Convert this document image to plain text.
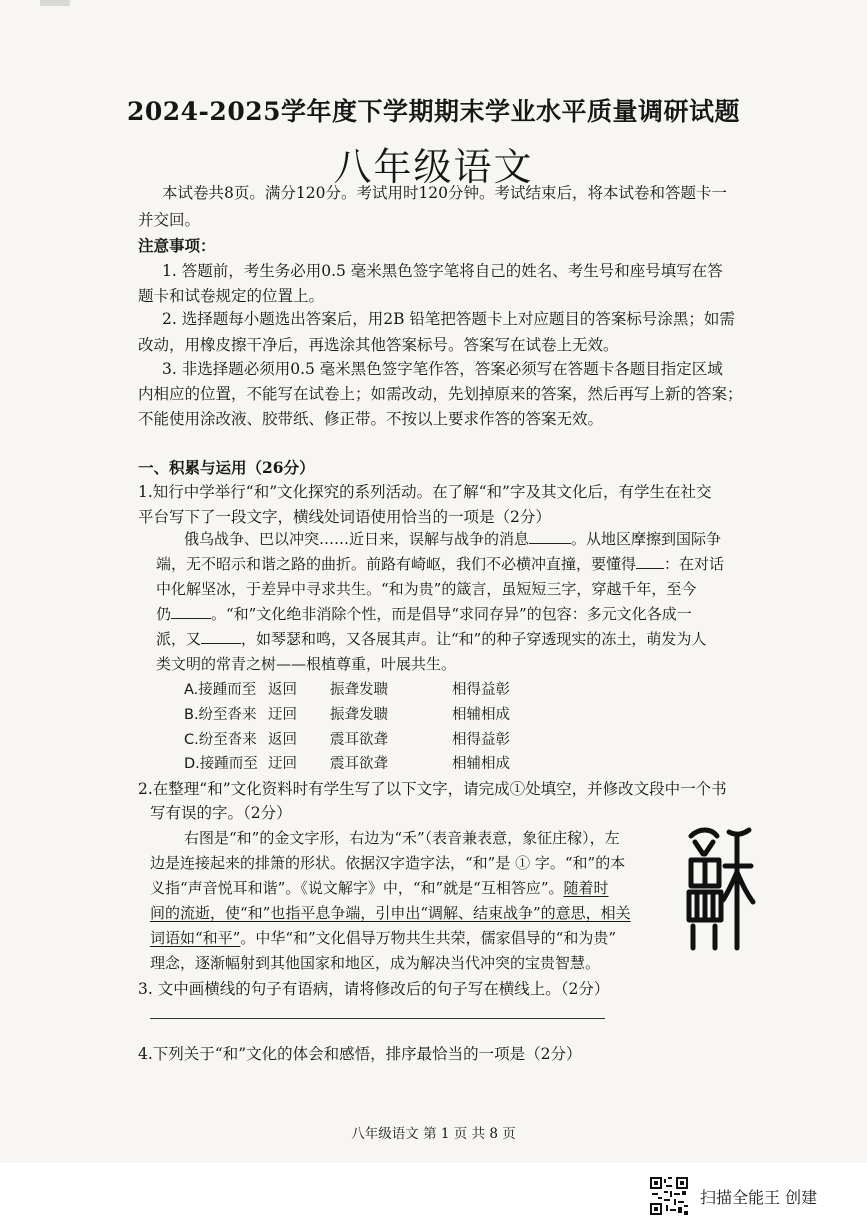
2024-2025学年度下学期期末学业水平质量调研试题
八年级语文
本试卷共8页。满分120分。考试用时120分钟。考试结束后，将本试卷和答题卡一
并交回。
注意事项：
1. 答题前，考生务必用0.5 毫米黑色签字笔将自己的姓名、考生号和座号填写在答
题卡和试卷规定的位置上。
2. 选择题每小题选出答案后，用2B 铅笔把答题卡上对应题目的答案标号涂黑；如需
改动，用橡皮擦干净后，再选涂其他答案标号。答案写在试卷上无效。
3. 非选择题必须用0.5 毫米黑色签字笔作答，答案必须写在答题卡各题目指定区域
内相应的位置，不能写在试卷上；如需改动，先划掉原来的答案，然后再写上新的答案；
不能使用涂改液、胶带纸、修正带。不按以上要求作答的答案无效。
一、积累与运用（26分）
1.知行中学举行“和”文化探究的系列活动。在了解“和”字及其文化后，有学生在社交
平台写下了一段文字，横线处词语使用恰当的一项是（2分）
俄乌战争、巴以冲突……近日来，误解与战争的消息	。从地区摩擦到国际争
端，无不昭示和谐之路的曲折。前路有崎岖，我们不必横冲直撞，要懂得 ：在对话
中化解坚冰，于差异中寻求共生。“和为贵”的箴言，虽短短三字，穿越千年，至今
仍	。“和”文化绝非消除个性，而是倡导“求同存异”的包容：多元文化各成一
派，又	，如琴瑟和鸣，又各展其声。让“和”的种子穿透现实的冻土，萌发为人
类文明的常青之树——根植尊重，叶展共生。
A.接踵而至 返回 振聋发聩	相得益彰
B.纷至沓来 迂回 振聋发聩	相辅相成
C.纷至沓来 返回 震耳欲聋	相得益彰
D.接踵而至 迂回 震耳欲聋	相辅相成
2.在整理“和”文化资料时有学生写了以下文字，请完成①处填空，并修改文段中一个书
写有误的字。（2分）
右图是“和”的金文字形，右边为“禾”（表音兼表意，象征庄稼），左
边是连接起来的排箫的形状。依据汉字造字法，“和”是 ① 字。“和”的本
义指“声音悦耳和谐”。《说文解字》中，“和”就是“互相答应”。随着时
间的流逝，使“和”也指平息争端，引申出“调解、结束战争”的意思，相关
词语如“和平”。中华“和”文化倡导万物共生共荣，儒家倡导的“和为贵”
理念，逐渐幅射到其他国家和地区，成为解决当代冲突的宝贵智慧。
3. 文中画横线的句子有语病，请将修改后的句子写在横线上。（2分）
4.下列关于“和”文化的体会和感悟，排序最恰当的一项是（2分）
八年级语文 第 1 页 共 8 页
扫描全能王 创建
